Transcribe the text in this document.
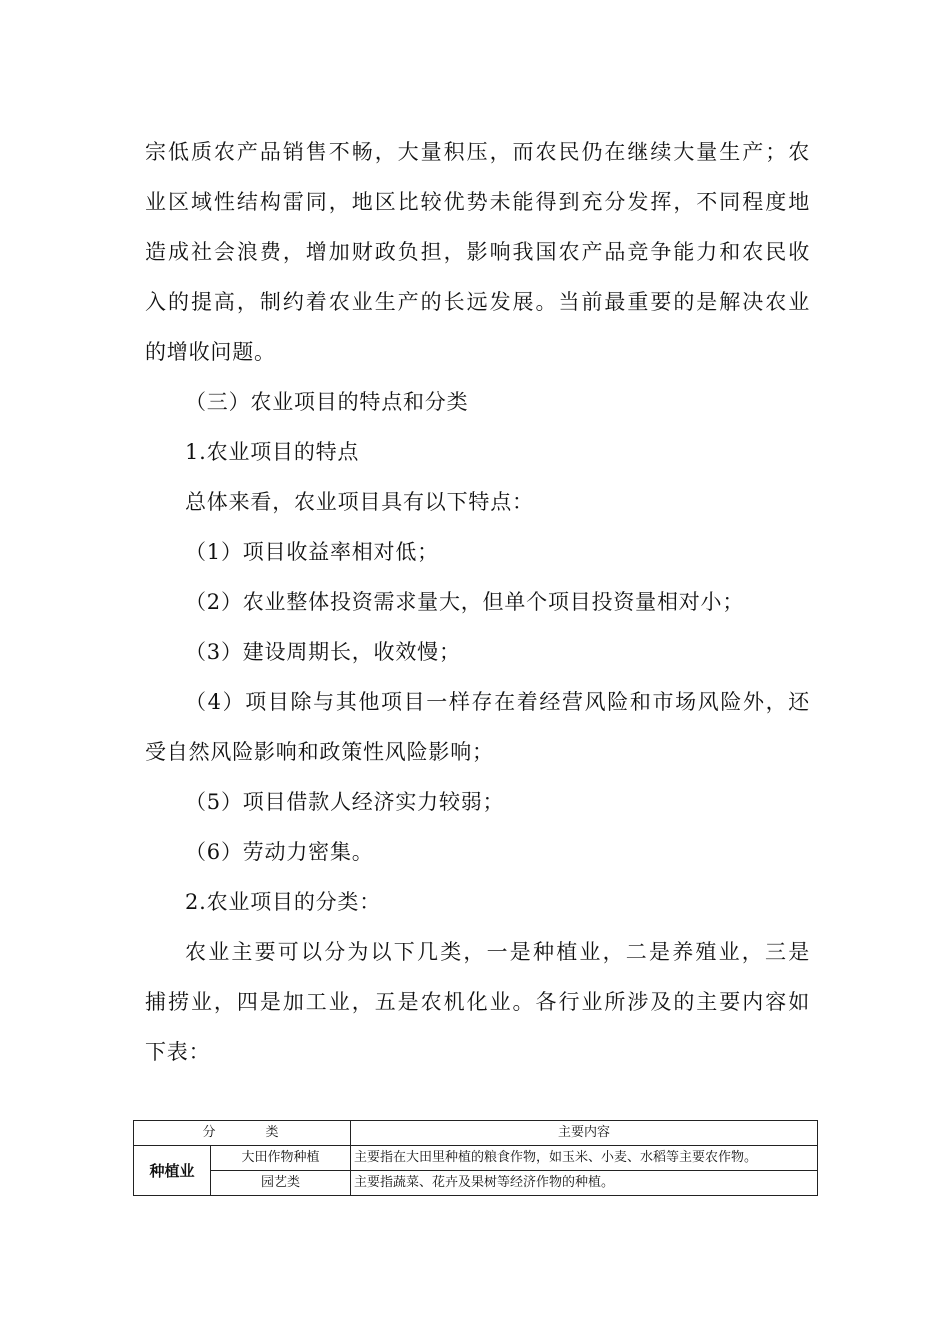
宗低质农产品销售不畅，大量积压，而农民仍在继续大量生产；农
业区域性结构雷同，地区比较优势未能得到充分发挥，不同程度地
造成社会浪费，增加财政负担，影响我国农产品竞争能力和农民收
入的提高，制约着农业生产的长远发展。当前最重要的是解决农业
的增收问题。
（三）农业项目的特点和分类
1.农业项目的特点
总体来看，农业项目具有以下特点：
（1）项目收益率相对低；
（2）农业整体投资需求量大，但单个项目投资量相对小；
（3）建设周期长，收效慢；
（4）项目除与其他项目一样存在着经营风险和市场风险外，还
受自然风险影响和政策性风险影响；
（5）项目借款人经济实力较弱；
（6）劳动力密集。
2.农业项目的分类：
农业主要可以分为以下几类，一是种植业，二是养殖业，三是
捕捞业，四是加工业，五是农机化业。各行业所涉及的主要内容如
下表：
分类		主要内容
种植业	大田作物种植	主要指在大田里种植的粮食作物，如玉米、小麦、水稻等主要农作物。
	园艺类	主要指蔬菜、花卉及果树等经济作物的种植。
